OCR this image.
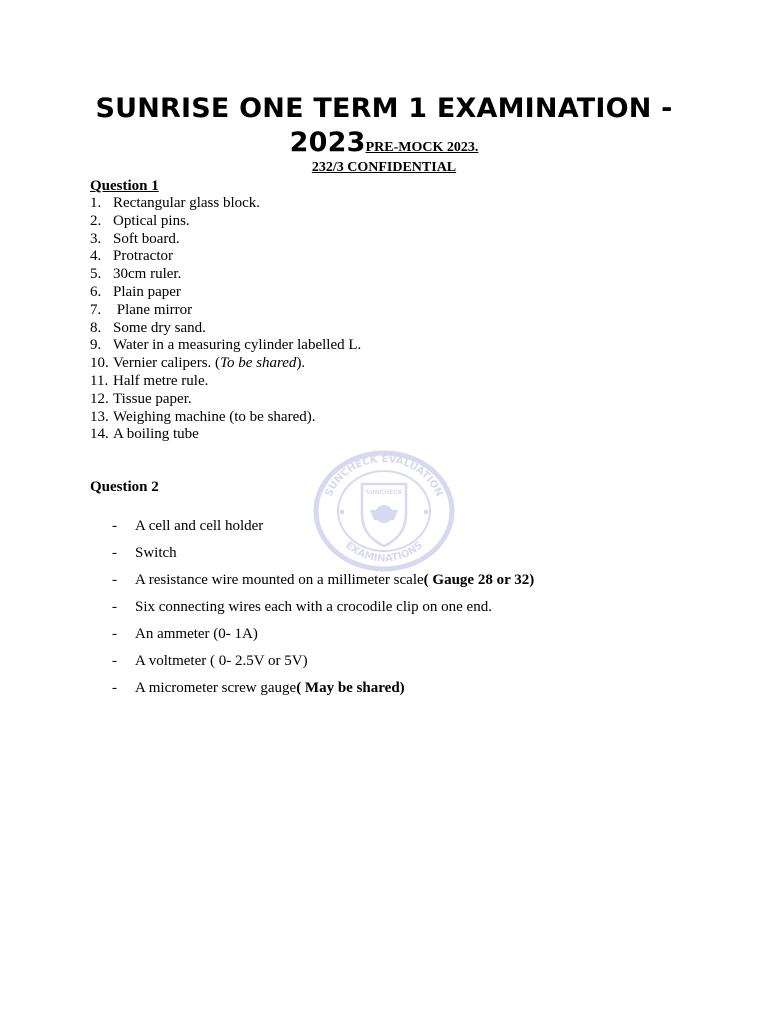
SUNRISE ONE TERM 1 EXAMINATION - 2023PRE-MOCK 2023.
232/3 CONFIDENTIAL
Question 1
1. Rectangular glass block.
2. Optical pins.
3. Soft board.
4. Protractor
5. 30cm ruler.
6. Plain paper
7. Plane mirror
8. Some dry sand.
9. Water in a measuring cylinder labelled L.
10. Vernier calipers. (To be shared).
11. Half metre rule.
12. Tissue paper.
13. Weighing machine (to be shared).
14. A boiling tube
Question 2
-	A cell and cell holder
-	Switch
-	A resistance wire mounted on a millimeter scale( Gauge 28 or 32)
-	Six connecting wires each with a crocodile clip on one end.
-	An ammeter (0- 1A)
-	A voltmeter ( 0- 2.5V or 5V)
-	A micrometer screw gauge( May be shared)
SUNCHECK EVALUATION
EXAMINATIONS
SUNCHECK
